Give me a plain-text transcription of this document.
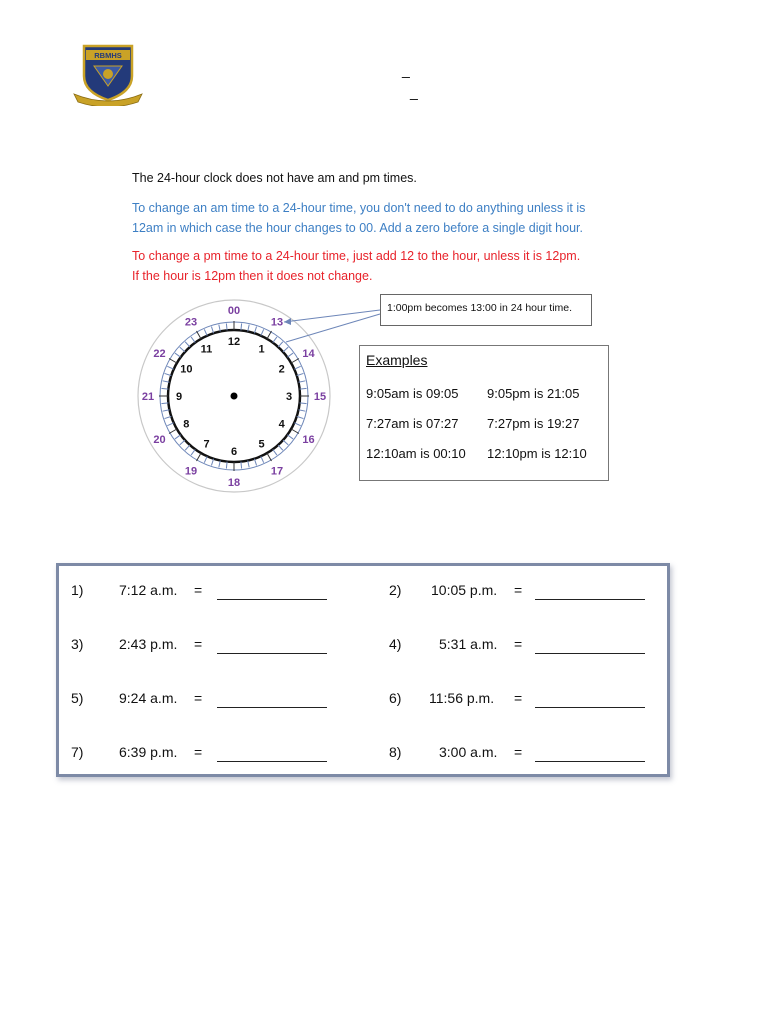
RBMHS
_
_
The 24-hour clock does not have am and pm times.
To change an am time to a 24-hour time, you don't need to do anything unless it is
12am in which case the hour changes to 00. Add a zero before a single digit hour.
To change a pm time to a 24-hour time, just add 12 to the hour, unless it is 12pm.
If the hour is 12pm then it does not change.
12
00
1
13
2
14
3 15
4
16
5
17
6
18
7
19
8
20
9
21
10
22	11
23
1:00pm becomes 13:00 in 24 hour time.
Examples
9:05am is 09:05 9:05pm is 21:05
7:27am is 07:27 7:27pm is 19:27
12:10am is 00:10 12:10pm is 12:10
1)	7:12 a.m. =	2) 10:05 p.m. =
3)	2:43 p.m. =	4)	5:31 a.m. =
5)	9:24 a.m. =	6) 11:56 p.m. =
7)	6:39 p.m. =	8)	3:00 a.m. =
